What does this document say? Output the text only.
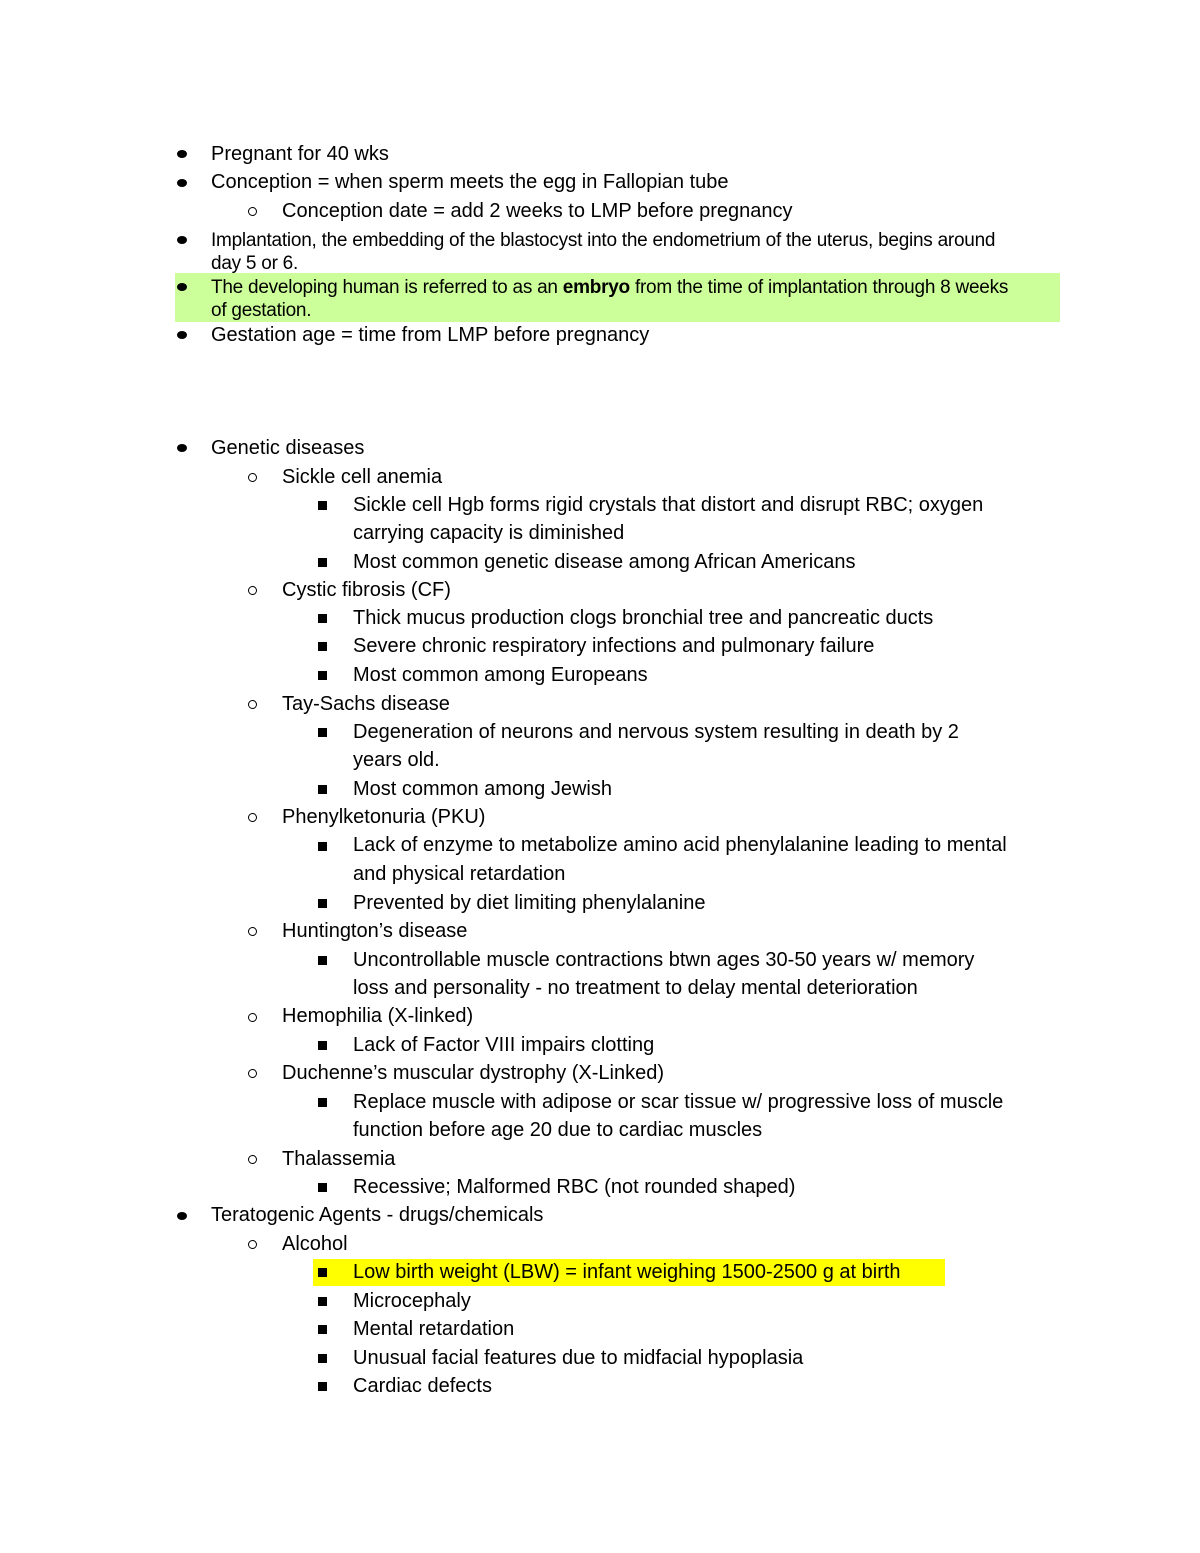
Pregnant for 40 wks
Conception = when sperm meets the egg in Fallopian tube
Conception date = add 2 weeks to LMP before pregnancy
Implantation, the embedding of the blastocyst into the endometrium of the uterus, begins around
day 5 or 6.
The developing human is referred to as an embryo from the time of implantation through 8 weeks
of gestation.
Gestation age = time from LMP before pregnancy
Genetic diseases
Sickle cell anemia
Sickle cell Hgb forms rigid crystals that distort and disrupt RBC; oxygen
carrying capacity is diminished
Most common genetic disease among African Americans
Cystic fibrosis (CF)
Thick mucus production clogs bronchial tree and pancreatic ducts
Severe chronic respiratory infections and pulmonary failure
Most common among Europeans
Tay-Sachs disease
Degeneration of neurons and nervous system resulting in death by 2
years old.
Most common among Jewish
Phenylketonuria (PKU)
Lack of enzyme to metabolize amino acid phenylalanine leading to mental
and physical retardation
Prevented by diet limiting phenylalanine
Huntington’s disease
Uncontrollable muscle contractions btwn ages 30-50 years w/ memory
loss and personality - no treatment to delay mental deterioration
Hemophilia (X-linked)
Lack of Factor VIII impairs clotting
Duchenne’s muscular dystrophy (X-Linked)
Replace muscle with adipose or scar tissue w/ progressive loss of muscle
function before age 20 due to cardiac muscles
Thalassemia
Recessive; Malformed RBC (not rounded shaped)
Teratogenic Agents - drugs/chemicals
Alcohol
Low birth weight (LBW) = infant weighing 1500-2500 g at birth
Microcephaly
Mental retardation
Unusual facial features due to midfacial hypoplasia
Cardiac defects
